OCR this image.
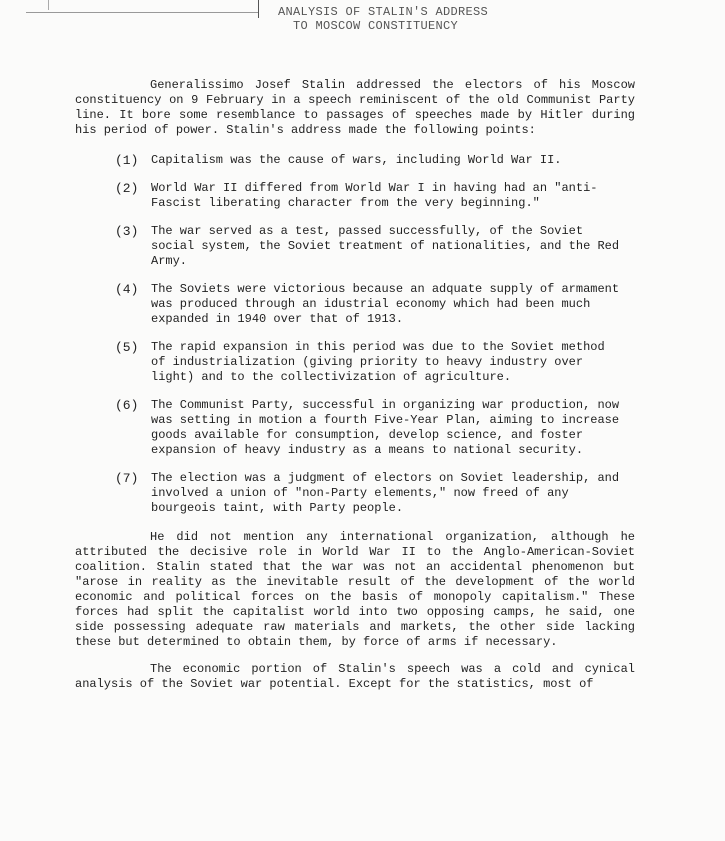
ANALYSIS OF STALIN'S ADDRESS
TO MOSCOW CONSTITUENCY

Generalissimo Josef Stalin addressed the electors of his Moscow constituency on 9 February in a speech reminiscent of the old Communist Party line. It bore some resemblance to passages of speeches made by Hitler during his period of power. Stalin's address made the following points:

(1)	Capitalism was the cause of wars, including World War II.
(2)	World War II differed from World War I in having had an "anti-Fascist liberating character from the very beginning."
(3)	The war served as a test, passed successfully, of the Soviet social system, the Soviet treatment of nationalities, and the Red Army.
(4)	The Soviets were victorious because an adquate supply of armament was produced through an idustrial economy which had been much expanded in 1940 over that of 1913.
(5)	The rapid expansion in this period was due to the Soviet method of industrialization (giving priority to heavy industry over light) and to the collectivization of agriculture.
(6)	The Communist Party, successful in organizing war production, now was setting in motion a fourth Five-Year Plan, aiming to increase goods available for consumption, develop science, and foster expansion of heavy industry as a means to national security.
(7)	The election was a judgment of electors on Soviet leadership, and involved a union of "non-Party elements," now freed of any bourgeois taint, with Party people.

He did not mention any international organization, although he attributed the decisive role in World War II to the Anglo-American-Soviet coalition. Stalin stated that the war was not an accidental phenomenon but "arose in reality as the inevitable result of the development of the world economic and political forces on the basis of monopoly capitalism." These forces had split the capitalist world into two opposing camps, he said, one side possessing adequate raw materials and markets, the other side lacking these but determined to obtain them, by force of arms if necessary.

The economic portion of Stalin's speech was a cold and cynical analysis of the Soviet war potential. Except for the statistics, most of
